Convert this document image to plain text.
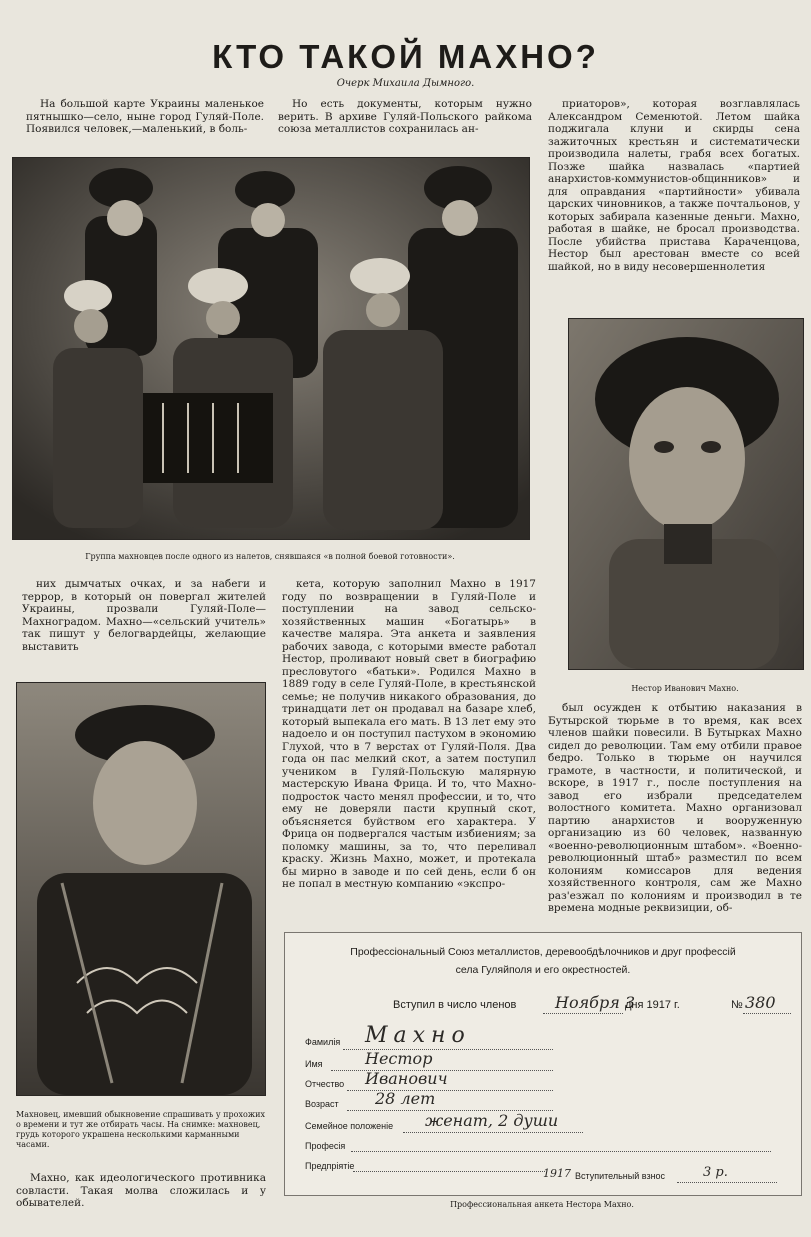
КТО ТАКОЙ МАХНО?
Очерк Михаила Дымного.

На большой карте Украины маленькое пятнышко—село, ныне город Гуляй-Поле. Появился человек,—маленький, в боль-

Но есть документы, которым нужно верить. В архиве Гуляй-Польского райкома союза металлистов сохранилась ан-

приаторов», которая возглавлялась Александром Семенютой. Летом шайка поджигала клуни и скирды сена зажиточных крестьян и систематически производила налеты, грабя всех богатых. Позже шайка назвалась «партией анархистов-коммунистов-общинников» и для оправдания «партийности» убивала царских чиновников, а также почтальонов, у которых забирала казенные деньги. Махно, работая в шайке, не бросал производства. После убийства пристава Караченцова, Нестор был арестован вместе со всей шайкой, но в виду несовершеннолетия

Группа махновцев после одного из налетов, снявшаяся «в полной боевой готовности».
Нестор Иванович Махно.

них дымчатых очках, и за набеги и террор, в который он повергал жителей Украины, прозвали Гуляй-Поле—Махноградом. Махно—«сельский учитель» так пишут у белогвардейцы, желающие выставить

кета, которую заполнил Махно в 1917 году по возвращении в Гуляй-Поле и поступлении на завод сельско-хозяйственных машин «Богатырь» в качестве маляра. Эта анкета и заявления рабочих завода, с которыми вместе работал Нестор, проливают новый свет в биографию пресловутого «батьки». Родился Махно в 1889 году в селе Гуляй-Поле, в крестьянской семье; не получив никакого образования, до тринадцати лет он продавал на базаре хлеб, который выпекала его мать. В 13 лет ему это надоело и он поступил пастухом в экономию Глухой, что в 7 верстах от Гуляй-Поля. Два года он пас мелкий скот, а затем поступил учеником в Гуляй-Польскую малярную мастерскую Ивана Фрица. И то, что Махно-подросток часто менял профессии, и то, что ему не доверяли пасти крупный скот, объясняется буйством его характера. У Фрица он подвергался частым избиениям; за поломку машины, за то, что переливал краску. Жизнь Махно, может, и протекала бы мирно в заводе и по сей день, если б он не попал в местную компанию «экспро-

был осужден к отбытию наказания в Бутырской тюрьме в то время, как всех членов шайки повесили. В Бутырках Махно сидел до революции. Там ему отбили правое бедро. Только в тюрьме он научился грамоте, в частности, и политической, и вскоре, в 1917 г., после поступления на завод его избрали председателем волостного комитета. Махно организовал партию анархистов и вооруженную организацию из 60 человек, названную «военно-революционным штабом». «Военно-революционный штаб» разместил по всем колониям комиссаров для ведения хозяйственного контроля, сам же Махно раз'езжал по колониям и производил в те времена модные реквизиции, об-

Махновец, имевший обыкновение спрашивать у прохожих о времени и тут же отбирать часы. На снимке: махновец, грудь которого украшена несколькими карманными часами.

Махно, как идеологического противника совласти. Такая молва сложилась и у обывателей.

Профессіональный Союз металлистов, деревообдѣлочников и друг профессій
села Гуляйполя и его окрестностей.
Вступил в число членов Ноября 3
дня 1917 г.	№ 380
Фамилія Махно
Имя	Нестор
Отчество Иванович
Возраст 28 лет
Семейное положеніе женат, 2 души
Професія
Предпріятіе
1917 Вступительный взнос	3 р.
Профессиональная анкета Нестора Махно.
